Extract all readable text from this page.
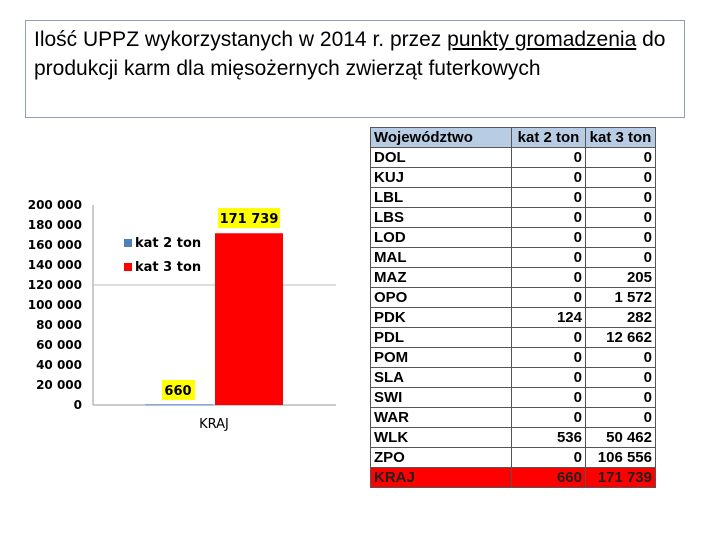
Ilość UPPZ wykorzystanych w 2014 r. przez punkty gromadzenia do produkcji karm dla mięsożernych zwierząt futerkowych
0
20 000
40 000
60 000
80 000
100 000
120 000
140 000
160 000
180 000
200 000
660
171 739
KRAJ
kat 2 ton
kat 3 ton
Województwo	kat 2 ton	kat 3 ton
DOL	0	0
KUJ	0	0
LBL	0	0
LBS	0	0
LOD	0	0
MAL	0	0
MAZ	0	205
OPO	0	1 572
PDK	124	282
PDL	0	12 662
POM	0	0
SLA	0	0
SWI	0	0
WAR	0	0
WLK	536	50 462
ZPO	0	106 556
KRAJ	660	171 739
